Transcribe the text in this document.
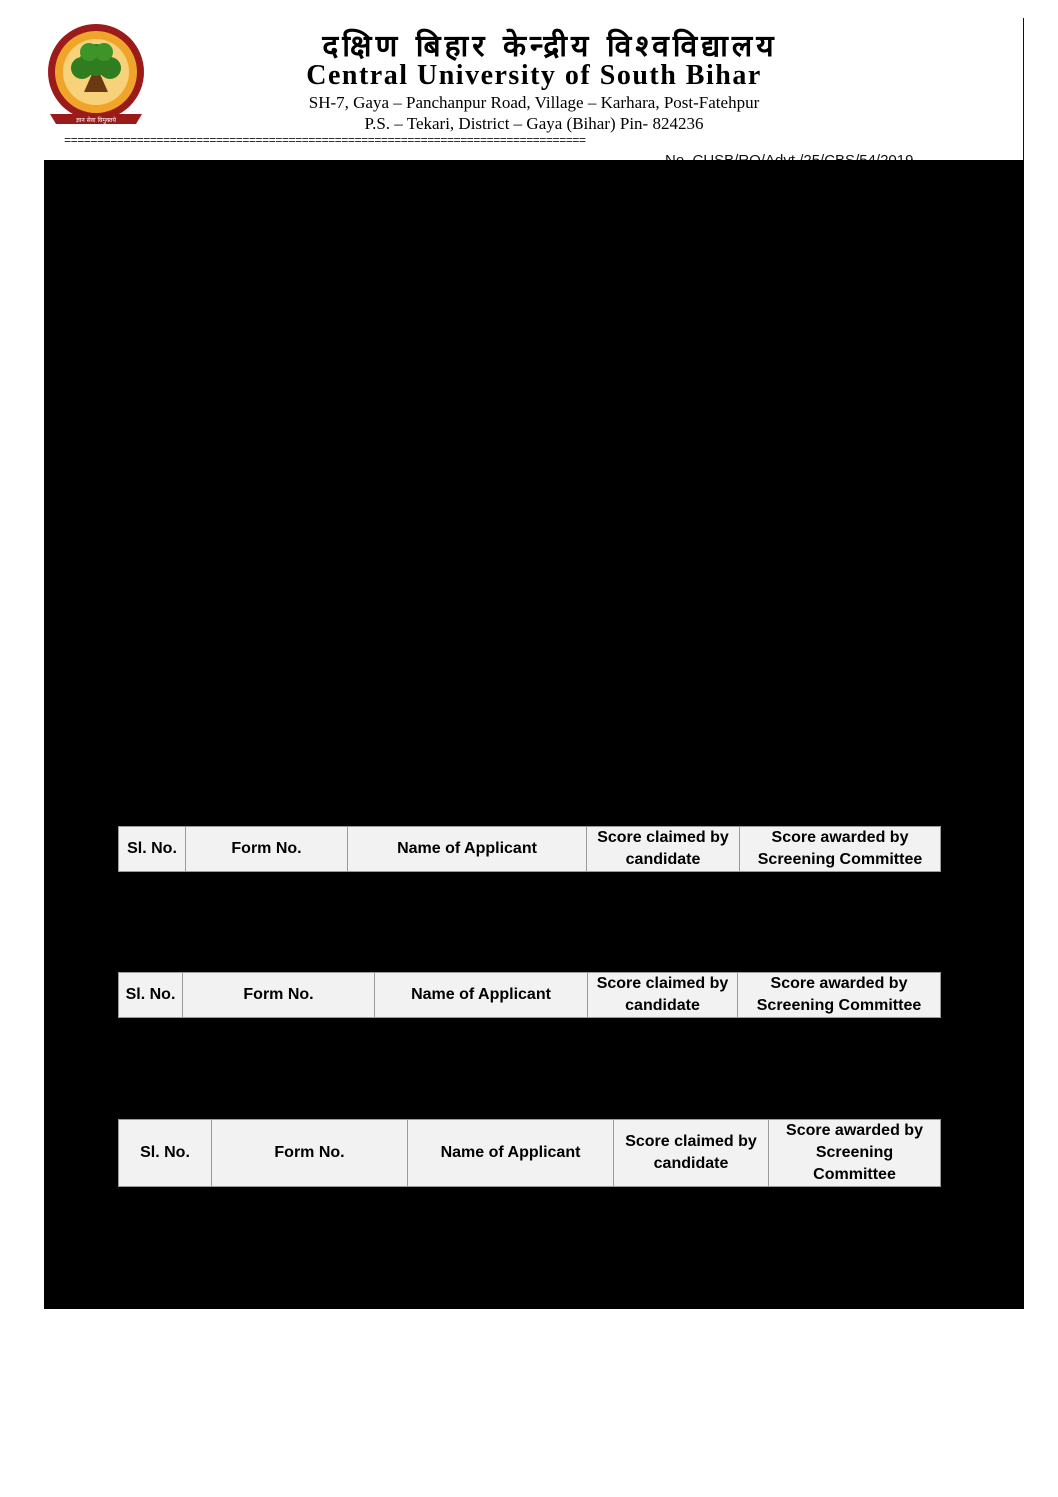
ज्ञान सेवा विमुक्तये
दक्षिण बिहार केन्द्रीय विश्वविद्यालय
Central University of South Bihar
SH-7, Gaya – Panchanpur Road, Village – Karhara, Post-Fatehpur
P.S. – Tekari, District – Gaya (Bihar) Pin- 824236
===============================================================================
Sl. No.	Form No.	Name of Applicant	Score claimed by candidate	Score awarded by Screening Committee
Sl. No.	Form No.	Name of Applicant	Score claimed by candidate	Score awarded by Screening Committee
Sl. No.	Form No.	Name of Applicant	Score claimed by candidate	Score awarded by Screening Committee
